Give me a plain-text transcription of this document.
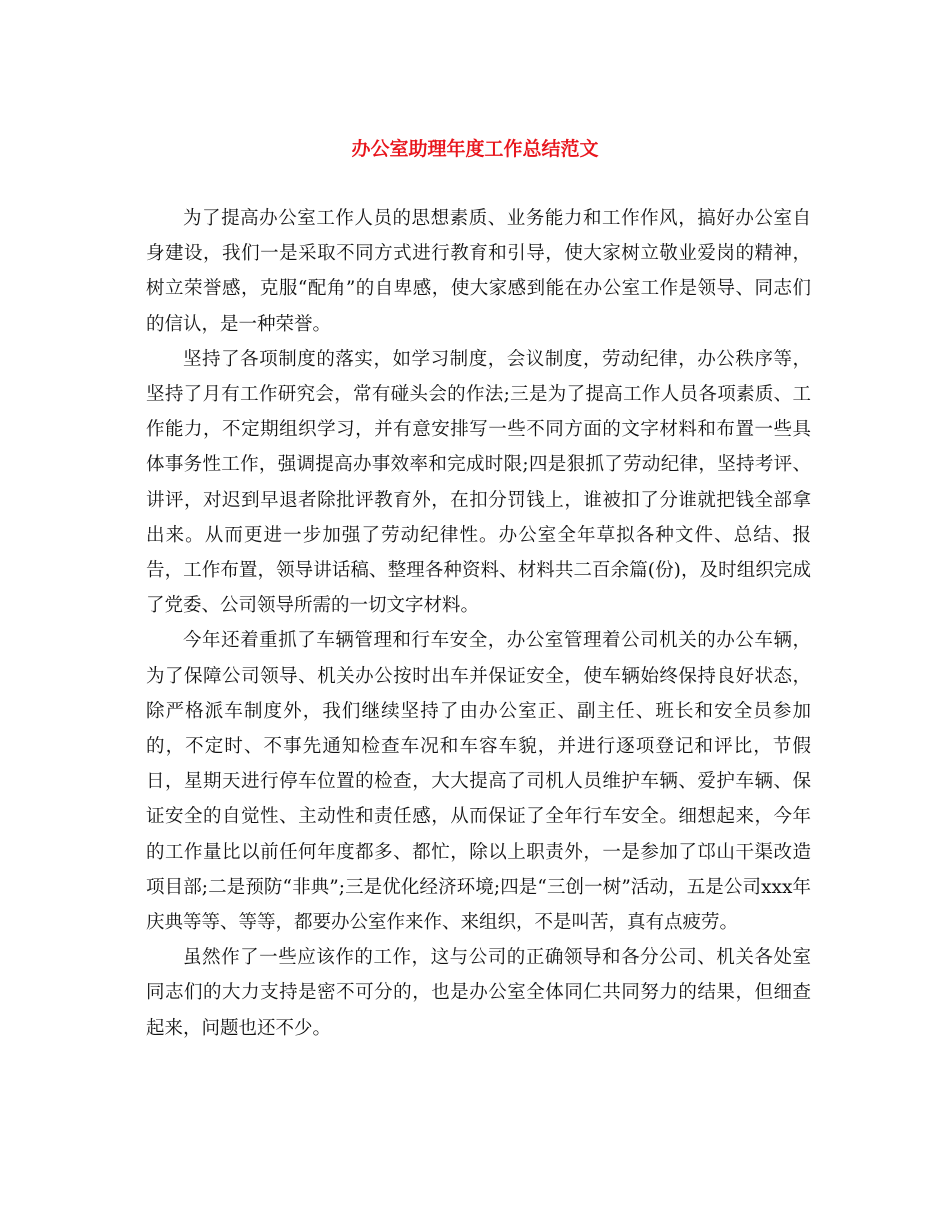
办公室助理年度工作总结范文

为了提高办公室工作人员的思想素质、业务能力和工作作风，搞好办公室自身建设，我们一是采取不同方式进行教育和引导，使大家树立敬业爱岗的精神，树立荣誉感，克服“配角”的自卑感，使大家感到能在办公室工作是领导、同志们的信认，是一种荣誉。

坚持了各项制度的落实，如学习制度，会议制度，劳动纪律，办公秩序等，坚持了月有工作研究会，常有碰头会的作法;三是为了提高工作人员各项素质、工作能力，不定期组织学习，并有意安排写一些不同方面的文字材料和布置一些具体事务性工作，强调提高办事效率和完成时限;四是狠抓了劳动纪律，坚持考评、讲评，对迟到早退者除批评教育外，在扣分罚钱上，谁被扣了分谁就把钱全部拿出来。从而更进一步加强了劳动纪律性。办公室全年草拟各种文件、总结、报告，工作布置，领导讲话稿、整理各种资料、材料共二百余篇(份)，及时组织完成了党委、公司领导所需的一切文字材料。

今年还着重抓了车辆管理和行车安全，办公室管理着公司机关的办公车辆，为了保障公司领导、机关办公按时出车并保证安全，使车辆始终保持良好状态，除严格派车制度外，我们继续坚持了由办公室正、副主任、班长和安全员参加的，不定时、不事先通知检查车况和车容车貌，并进行逐项登记和评比，节假日，星期天进行停车位置的检查，大大提高了司机人员维护车辆、爱护车辆、保证安全的自觉性、主动性和责任感，从而保证了全年行车安全。细想起来，今年的工作量比以前任何年度都多、都忙，除以上职责外，一是参加了邙山干渠改造项目部;二是预防“非典”;三是优化经济环境;四是“三创一树”活动，五是公司xxx年庆典等等、等等，都要办公室作来作、来组织，不是叫苦，真有点疲劳。

虽然作了一些应该作的工作，这与公司的正确领导和各分公司、机关各处室同志们的大力支持是密不可分的，也是办公室全体同仁共同努力的结果，但细查起来，问题也还不少。
